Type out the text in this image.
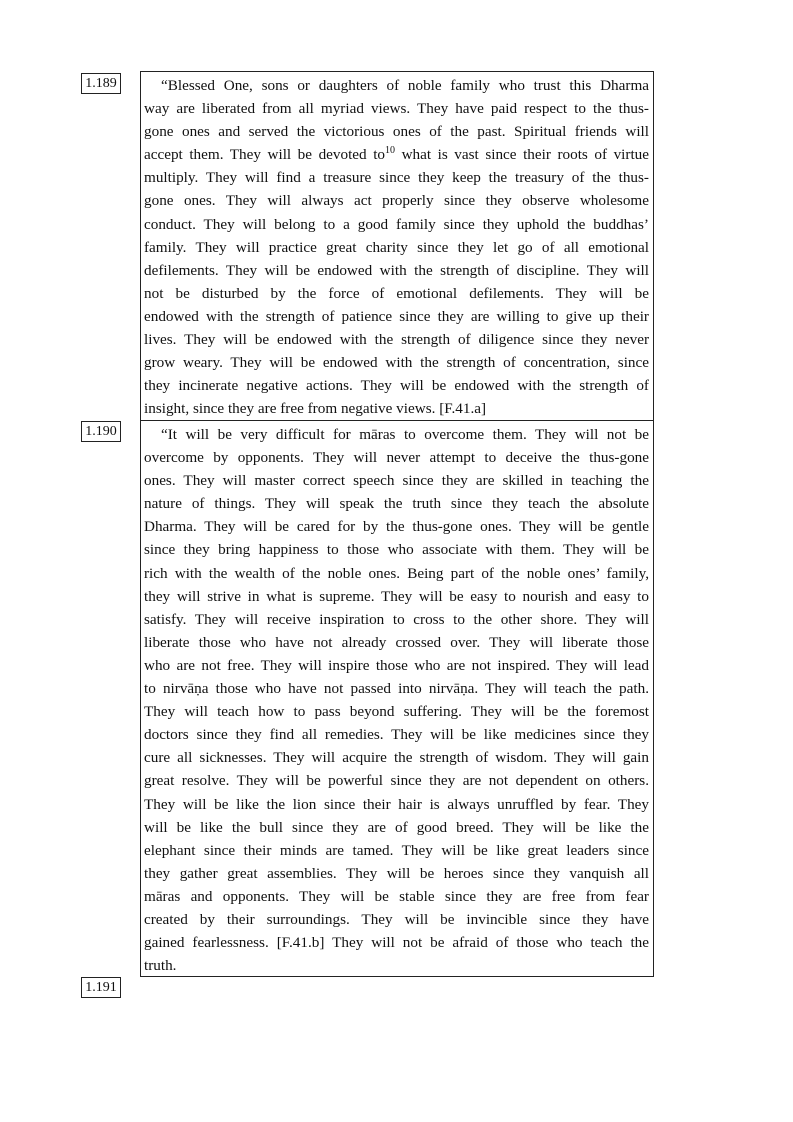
1.189	“Blessed One, sons or daughters of noble family who trust this Dharma
way are liberated from all myriad views. They have paid respect to the thus-
gone ones and served the victorious ones of the past. Spiritual friends will
accept them. They will be devoted $to^{10}$ what is vast since their roots of virtue
multiply. They will find a treasure since they keep the treasury of the thus-
gone ones. They will always act properly since they observe wholesome
conduct. They will belong to a good family since they uphold the buddhas’
family. They will practice great charity since they let go of all emotional
defilements. They will be endowed with the strength of discipline. They will
not be disturbed by the force of emotional defilements. They will be
endowed with the strength of patience since they are willing to give up their
lives. They will be endowed with the strength of diligence since they never
grow weary. They will be endowed with the strength of concentration, since
they incinerate negative actions. They will be endowed with the strength of
insight, since they are free from negative views. [F.41.a]
1.190	“It will be very difficult for māras to overcome them. They will not be
overcome by opponents. They will never attempt to deceive the thus-gone
ones. They will master correct speech since they are skilled in teaching the
nature of things. They will speak the truth since they teach the absolute
Dharma. They will be cared for by the thus-gone ones. They will be gentle
since they bring happiness to those who associate with them. They will be
rich with the wealth of the noble ones. Being part of the noble ones’ family,
they will strive in what is supreme. They will be easy to nourish and easy to
satisfy. They will receive inspiration to cross to the other shore. They will
liberate those who have not already crossed over. They will liberate those
who are not free. They will inspire those who are not inspired. They will lead
to nirvāṇa those who have not passed into nirvāṇa. They will teach the path.
They will teach how to pass beyond suffering. They will be the foremost
doctors since they find all remedies. They will be like medicines since they
cure all sicknesses. They will acquire the strength of wisdom. They will gain
great resolve. They will be powerful since they are not dependent on others.
They will be like the lion since their hair is always unruffled by fear. They
will be like the bull since they are of good breed. They will be like the
elephant since their minds are tamed. They will be like great leaders since
they gather great assemblies. They will be heroes since they vanquish all
māras and opponents. They will be stable since they are free from fear
created by their surroundings. They will be invincible since they have
gained fearlessness. [F.41.b] They will not be afraid of those who teach the
truth.
1.191
